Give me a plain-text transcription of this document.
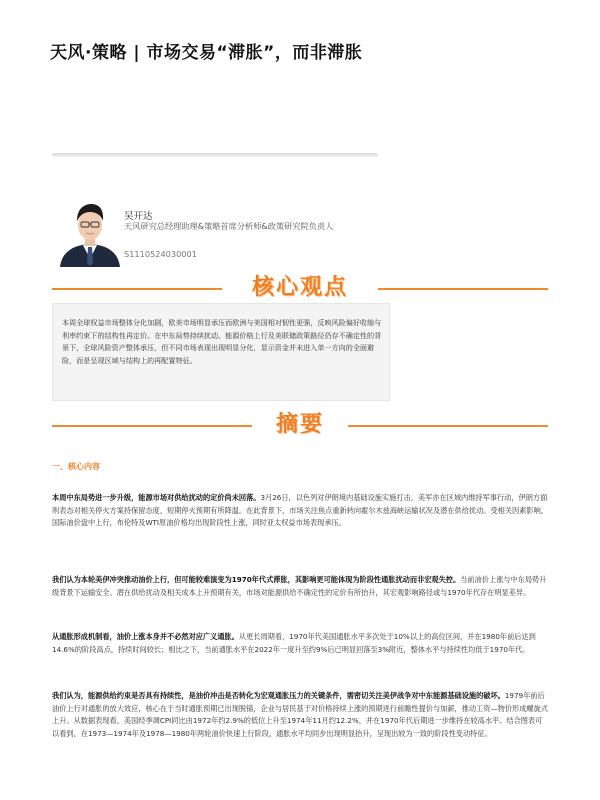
天风·策略 | 市场交易“滞胀”，而非滞胀
吴开达
天风研究总经理助理&策略首席分析师&政策研究院负责人
S1110524030001
核心观点

本周全球权益市场整体分化加剧，欧美市场明显承压而欧洲与美国相对韧性更强，反映风险偏好收缩与利率约束下的结构性再定价。在中东局势持续扰动、能源价格上行及美联储政策路径仍存不确定性的背景下，全球风险资产整体承压，但不同市场表现出现明显分化，显示资金并未进入单一方向的全面避险，而是呈现区域与结构上的再配置特征。

摘要
一、核心内容

本周中东局势进一步升级，能源市场对供给扰动的定价尚未回落。3月26日，以色列对伊朗境内基础设施实施打击，美军亦在区域内维持军事行动，伊朗方面则表态对相关停火方案持保留态度，短期停火预期有所降温。在此背景下，市场关注焦点重新转向霍尔木兹海峡运输状况及潜在供给扰动。受相关因素影响，国际油价盘中上行，布伦特及WTI原油价格均出现阶段性上涨，同时亚太权益市场表现承压。

我们认为本轮美伊冲突推动油价上行，但可能较难演变为1970年代式滞胀，其影响更可能体现为阶段性通胀扰动而非宏观失控。当前油价上涨与中东局势升级背景下运输安全、潜在供给扰动及相关成本上升预期有关，市场对能源供给不确定性的定价有所抬升，其宏观影响路径或与1970年代存在明显差异。

从通胀形成机制看，油价上涨本身并不必然对应广义通胀。从更长周期看，1970年代美国通胀水平多次处于10%以上的高位区间，并在1980年前后达到14.6%的阶段高点，持续时间较长；相比之下，当前通胀水平在2022年一度升至约9%后已明显回落至3%附近，整体水平与持续性均低于1970年代。

我们认为，能源供给约束是否具有持续性，是油价冲击是否转化为宏观通胀压力的关键条件，需密切关注美伊战争对中东能源基础设施的破坏。1979年前后油价上行对通胀的放大效应，核心在于当时通胀预期已出现脱锚，企业与居民基于对价格持续上涨的预期进行前瞻性提价与加薪，推动工资—物价形成螺旋式上升。从数据表现看，美国经季调CPI同比由1972年约2.9%的低位上升至1974年11月约12.2%，并在1970年代后期进一步维持在较高水平。结合图表可以看到，在1973—1974年及1978—1980年两轮油价快速上行阶段，通胀水平均同步出现明显抬升，呈现出较为一致的阶段性变动特征。
